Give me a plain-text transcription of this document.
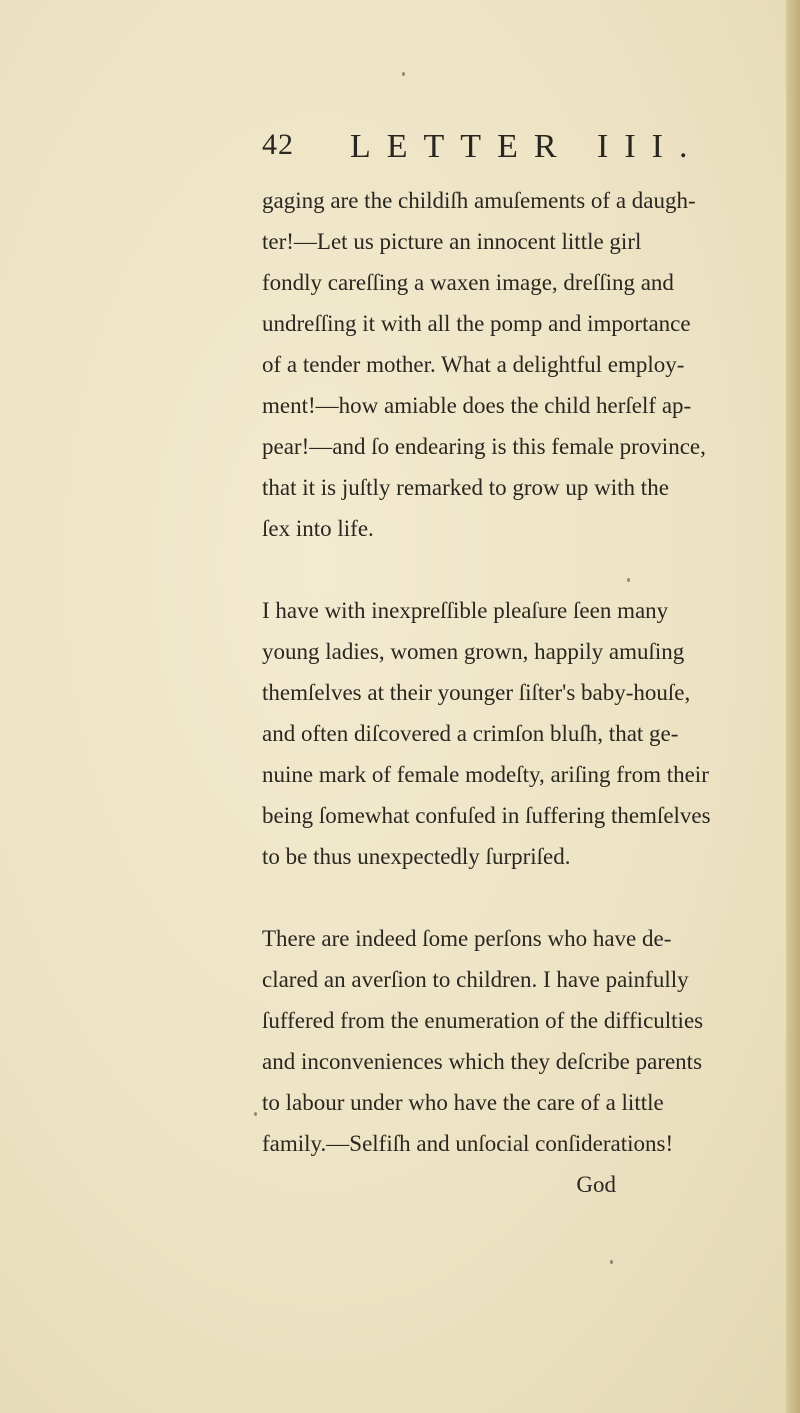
42 LETTER III.
gaging are the childiſh amuſements of a daugh-
ter!—Let us picture an innocent little girl
fondly careſſing a waxen image, dreſſing and
undreſſing it with all the pomp and importance
of a tender mother. What a delightful employ-
ment!—how amiable does the child herſelf ap-
pear!—and ſo endearing is this female province,
that it is juſtly remarked to grow up with the
ſex into life.
I have with inexpreſſible pleaſure ſeen many
young ladies, women grown, happily amuſing
themſelves at their younger ſiſter's baby-houſe,
and often diſcovered a crimſon bluſh, that ge-
nuine mark of female modeſty, ariſing from their
being ſomewhat confuſed in ſuffering themſelves
to be thus unexpectedly ſurpriſed.
There are indeed ſome perſons who have de-
clared an averſion to children. I have painfully
ſuffered from the enumeration of the difficulties
and inconveniences which they deſcribe parents
to labour under who have the care of a little
family.—Selfiſh and unſocial conſiderations!
God
